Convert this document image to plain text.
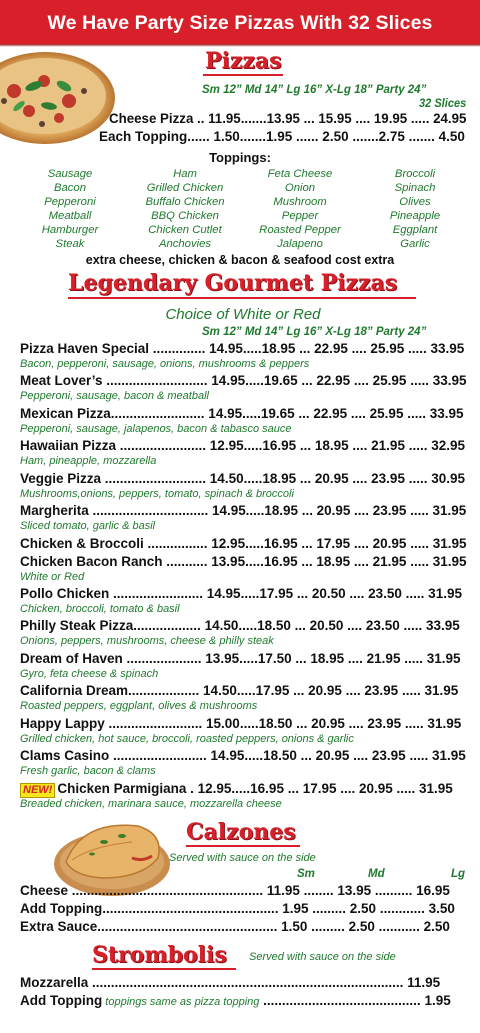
We Have Party Size Pizzas With 32 Slices
Pizzas
Sm 12” Md 14” Lg 16” X-Lg 18” Party 24”
32 Slices
Cheese Pizza .. 11.95.......13.95 ... 15.95 .... 19.95 ..... 24.95
Each Topping...... 1.50.......1.95 ...... 2.50 .......2.75 ....... 4.50
Toppings:
Sausage
Bacon
Pepperoni
Meatball
Hamburger
Steak
Ham
Grilled Chicken
Buffalo Chicken
BBQ Chicken
Chicken Cutlet
Anchovies
Feta Cheese
Onion
Mushroom
Pepper
Roasted Pepper
Jalapeno
Broccoli
Spinach
Olives
Pineapple
Eggplant
Garlic
extra cheese, chicken & bacon & seafood cost extra
Legendary Gourmet Pizzas
Choice of White or Red
Sm 12” Md 14” Lg 16” X-Lg 18” Party 24”
Pizza Haven Special .............. 14.95.....18.95 ... 22.95 .... 25.95 ..... 33.95
Bacon, pepperoni, sausage, onions, mushrooms & peppers
Meat Lover’s ........................... 14.95.....19.65 ... 22.95 .... 25.95 ..... 33.95
Pepperoni, sausage, bacon & meatball
Mexican Pizza......................... 14.95.....19.65 ... 22.95 .... 25.95 ..... 33.95
Pepperoni, sausage, jalapenos, bacon & tabasco sauce
Hawaiian Pizza ....................... 12.95.....16.95 ... 18.95 .... 21.95 ..... 32.95
Ham, pineapple, mozzarella
Veggie Pizza ........................... 14.50.....18.95 ... 20.95 .... 23.95 ..... 30.95
Mushrooms,onions, peppers, tomato, spinach & broccoli
Margherita ............................... 14.95.....18.95 ... 20.95 .... 23.95 ..... 31.95
Sliced tomato, garlic & basil
Chicken & Broccoli ................ 12.95.....16.95 ... 17.95 .... 20.95 ..... 31.95
Chicken Bacon Ranch ........... 13.95.....16.95 ... 18.95 .... 21.95 ..... 31.95
White or Red
Pollo Chicken ........................ 14.95.....17.95 ... 20.50 .... 23.50 ..... 31.95
Chicken, broccoli, tomato & basil
Philly Steak Pizza.................. 14.50.....18.50 ... 20.50 .... 23.50 ..... 33.95
Onions, peppers, mushrooms, cheese & philly steak
Dream of Haven .................... 13.95.....17.50 ... 18.95 .... 21.95 ..... 31.95
Gyro, feta cheese & spinach
California Dream................... 14.50.....17.95 ... 20.95 .... 23.95 ..... 31.95
Roasted peppers, eggplant, olives & mushrooms
Happy Lappy ......................... 15.00.....18.50 ... 20.95 .... 23.95 ..... 31.95
Grilled chicken, hot sauce, broccoli, roasted peppers, onions & garlic
Clams Casino ......................... 14.95.....18.50 ... 20.95 .... 23.95 ..... 31.95
Fresh garlic, bacon & clams
NEW! Chicken Parmigiana . 12.95.....16.95 ... 17.95 .... 20.95 ..... 31.95
Breaded chicken, marinara sauce, mozzarella cheese
Calzones
Served with sauce on the side
Sm	Md	Lg
Cheese ................................................... 11.95 ........ 13.95 .......... 16.95
Add Topping............................................... 1.95 ......... 2.50 ............ 3.50
Extra Sauce................................................ 1.50 ......... 2.50 ........... 2.50
Strombolis Served with sauce on the side
Mozzarella ................................................................................... 11.95
Add Topping toppings same as pizza topping .......................................... 1.95
